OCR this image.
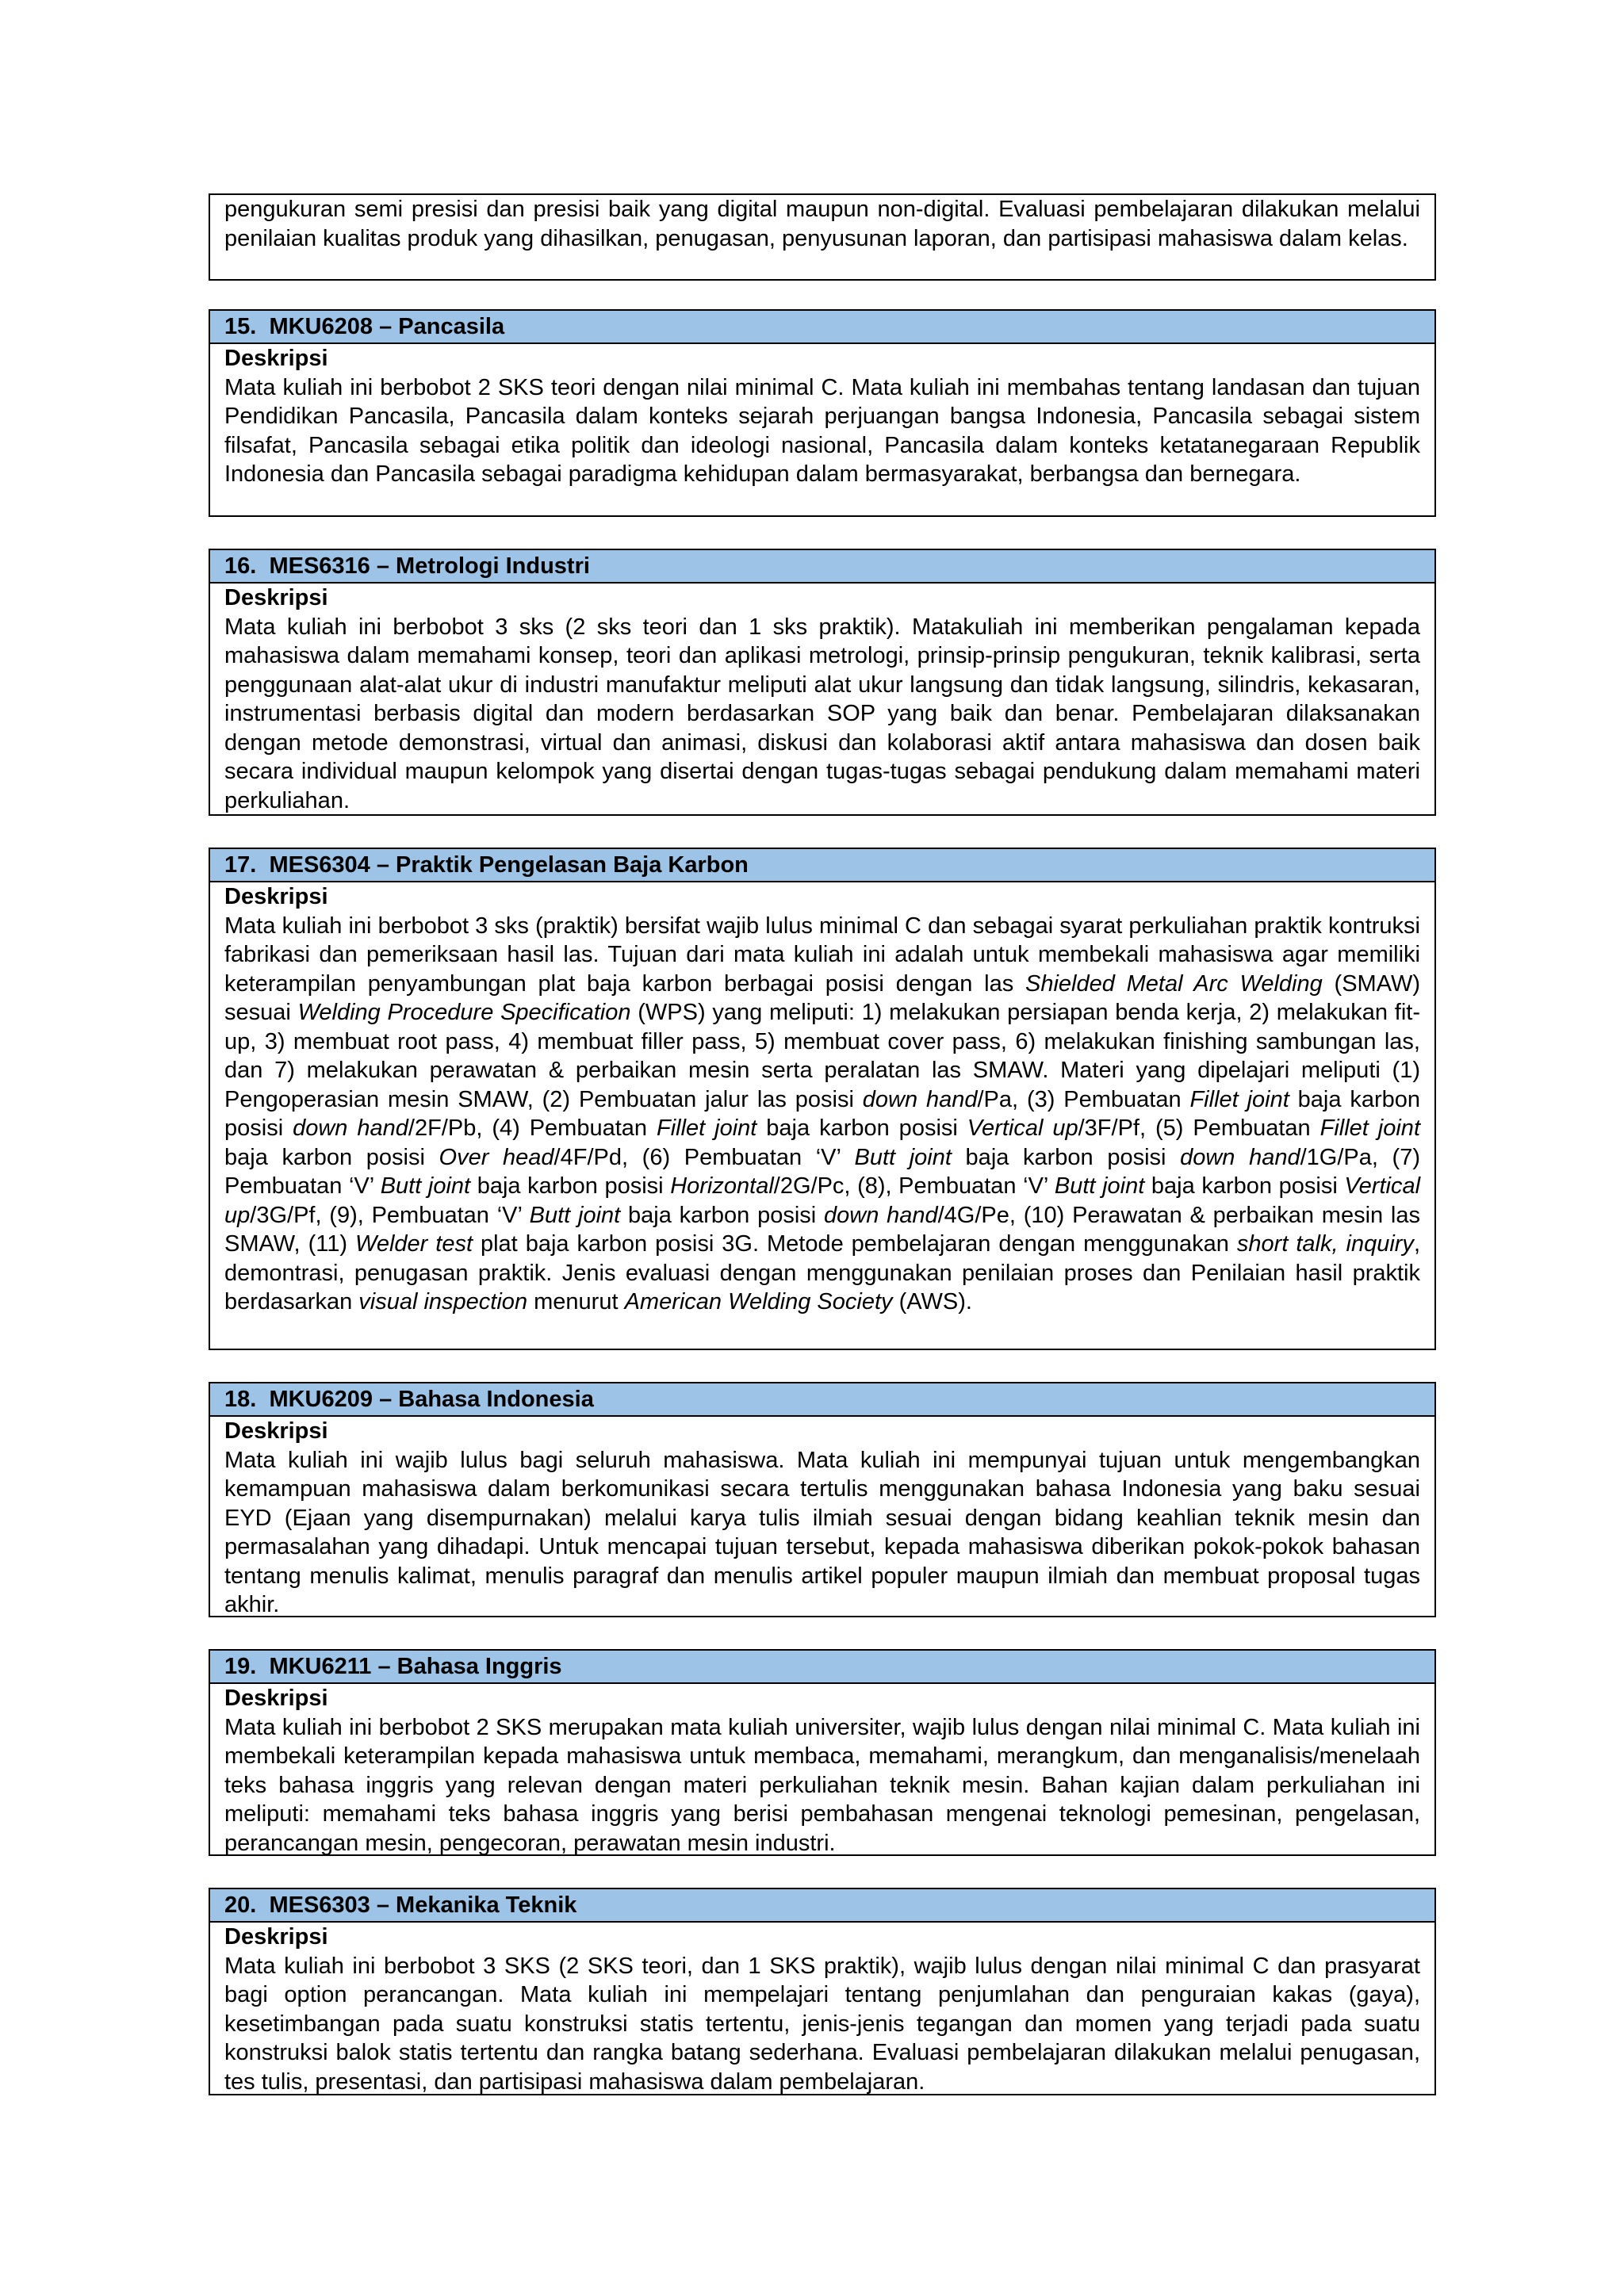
pengukuran semi presisi dan presisi baik yang digital maupun non-digital. Evaluasi pembelajaran dilakukan melalui penilaian kualitas produk yang dihasilkan, penugasan, penyusunan laporan, dan partisipasi mahasiswa dalam kelas.

15. MKU6208 – Pancasila
Deskripsi

Mata kuliah ini berbobot 2 SKS teori dengan nilai minimal C. Mata kuliah ini membahas tentang landasan dan tujuan Pendidikan Pancasila, Pancasila dalam konteks sejarah perjuangan bangsa Indonesia, Pancasila sebagai sistem filsafat, Pancasila sebagai etika politik dan ideologi nasional, Pancasila dalam konteks ketatanegaraan Republik Indonesia dan Pancasila sebagai paradigma kehidupan dalam bermasyarakat, berbangsa dan bernegara.

16. MES6316 – Metrologi Industri
Deskripsi

Mata kuliah ini berbobot 3 sks (2 sks teori dan 1 sks praktik). Matakuliah ini memberikan pengalaman kepada mahasiswa dalam memahami konsep, teori dan aplikasi metrologi, prinsip-prinsip pengukuran, teknik kalibrasi, serta penggunaan alat-alat ukur di industri manufaktur meliputi alat ukur langsung dan tidak langsung, silindris, kekasaran, instrumentasi berbasis digital dan modern berdasarkan SOP yang baik dan benar. Pembelajaran dilaksanakan dengan metode demonstrasi, virtual dan animasi, diskusi dan kolaborasi aktif antara mahasiswa dan dosen baik secara individual maupun kelompok yang disertai dengan tugas-tugas sebagai pendukung dalam memahami materi perkuliahan.

17. MES6304 – Praktik Pengelasan Baja Karbon
Deskripsi

Mata kuliah ini berbobot 3 sks (praktik) bersifat wajib lulus minimal C dan sebagai syarat perkuliahan praktik kontruksi fabrikasi dan pemeriksaan hasil las. Tujuan dari mata kuliah ini adalah untuk membekali mahasiswa agar memiliki keterampilan penyambungan plat baja karbon berbagai posisi dengan las Shielded Metal Arc Welding (SMAW) sesuai Welding Procedure Specification (WPS) yang meliputi: 1) melakukan persiapan benda kerja, 2) melakukan fit-up, 3) membuat root pass, 4) membuat filler pass, 5) membuat cover pass, 6) melakukan finishing sambungan las, dan 7) melakukan perawatan & perbaikan mesin serta peralatan las SMAW. Materi yang dipelajari meliputi (1) Pengoperasian mesin SMAW, (2) Pembuatan jalur las posisi down hand/Pa, (3) Pembuatan Fillet joint baja karbon posisi down hand/2F/Pb, (4) Pembuatan Fillet joint baja karbon posisi Vertical up/3F/Pf, (5) Pembuatan Fillet joint baja karbon posisi Over head/4F/Pd, (6) Pembuatan ‘V’ Butt joint baja karbon posisi down hand/1G/Pa, (7) Pembuatan ‘V’ Butt joint baja karbon posisi Horizontal/2G/Pc, (8), Pembuatan ‘V’ Butt joint baja karbon posisi Vertical up/3G/Pf, (9), Pembuatan ‘V’ Butt joint baja karbon posisi down hand/4G/Pe, (10) Perawatan & perbaikan mesin las SMAW, (11) Welder test plat baja karbon posisi 3G. Metode pembelajaran dengan menggunakan short talk, inquiry, demontrasi, penugasan praktik. Jenis evaluasi dengan menggunakan penilaian proses dan Penilaian hasil praktik berdasarkan visual inspection menurut American Welding Society (AWS).

18. MKU6209 – Bahasa Indonesia
Deskripsi

Mata kuliah ini wajib lulus bagi seluruh mahasiswa. Mata kuliah ini mempunyai tujuan untuk mengembangkan kemampuan mahasiswa dalam berkomunikasi secara tertulis menggunakan bahasa Indonesia yang baku sesuai EYD (Ejaan yang disempurnakan) melalui karya tulis ilmiah sesuai dengan bidang keahlian teknik mesin dan permasalahan yang dihadapi. Untuk mencapai tujuan tersebut, kepada mahasiswa diberikan pokok-pokok bahasan tentang menulis kalimat, menulis paragraf dan menulis artikel populer maupun ilmiah dan membuat proposal tugas akhir.

19. MKU6211 – Bahasa Inggris
Deskripsi

Mata kuliah ini berbobot 2 SKS merupakan mata kuliah universiter, wajib lulus dengan nilai minimal C. Mata kuliah ini membekali keterampilan kepada mahasiswa untuk membaca, memahami, merangkum, dan menganalisis/menelaah teks bahasa inggris yang relevan dengan materi perkuliahan teknik mesin. Bahan kajian dalam perkuliahan ini meliputi: memahami teks bahasa inggris yang berisi pembahasan mengenai teknologi pemesinan, pengelasan, perancangan mesin, pengecoran, perawatan mesin industri.

20. MES6303 – Mekanika Teknik
Deskripsi

Mata kuliah ini berbobot 3 SKS (2 SKS teori, dan 1 SKS praktik), wajib lulus dengan nilai minimal C dan prasyarat bagi option perancangan. Mata kuliah ini mempelajari tentang penjumlahan dan penguraian kakas (gaya), kesetimbangan pada suatu konstruksi statis tertentu, jenis-jenis tegangan dan momen yang terjadi pada suatu konstruksi balok statis tertentu dan rangka batang sederhana. Evaluasi pembelajaran dilakukan melalui penugasan, tes tulis, presentasi, dan partisipasi mahasiswa dalam pembelajaran.
